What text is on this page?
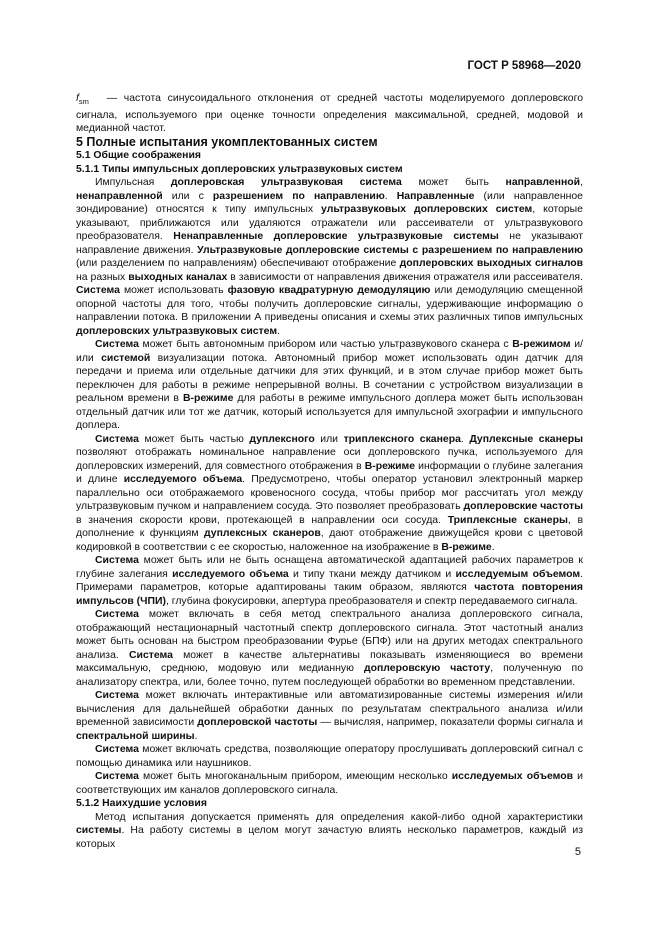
ГОСТ Р 58968—2020

$f_{sm}$ — частота синусоидального отклонения от средней частоты моделируемого доплеровского сигнала, используемого при оценке точности определения максимальной, средней, модовой и медианной частот.

5 Полные испытания укомплектованных систем

5.1 Общие соображения

5.1.1 Типы импульсных доплеровских ультразвуковых систем

Импульсная доплеровская ультразвуковая система может быть направленной, ненаправленной или с разрешением по направлению. Направленные (или направленное зондирование) относятся к типу импульсных ультразвуковых доплеровских систем, которые указывают, приближаются или удаляются отражатели или рассеиватели от ультразвукового преобразователя. Ненаправленные доплеровские ультразвуковые системы не указывают направление движения. Ультразвуковые доплеровские системы с разрешением по направлению (или разделением по направлениям) обеспечивают отображение доплеровских выходных сигналов на разных выходных каналах в зависимости от направления движения отражателя или рассеивателя. Система может использовать фазовую квадратурную демодуляцию или демодуляцию смещенной опорной частоты для того, чтобы получить доплеровские сигналы, удерживающие информацию о направлении потока. В приложении А приведены описания и схемы этих различных типов импульсных доплеровских ультразвуковых систем.

Система может быть автономным прибором или частью ультразвукового сканера с В-режимом и/или системой визуализации потока. Автономный прибор может использовать один датчик для передачи и приема или отдельные датчики для этих функций, и в этом случае прибор может быть переключен для работы в режиме непрерывной волны. В сочетании с устройством визуализации в реальном времени в В-режиме для работы в режиме импульсного доплера может быть использован отдельный датчик или тот же датчик, который используется для импульсной эхографии и импульсного доплера.

Система может быть частью дуплексного или триплексного сканера. Дуплексные сканеры позволяют отображать номинальное направление оси доплеровского пучка, используемого для доплеровских измерений, для совместного отображения в В-режиме информации о глубине залегания и длине исследуемого объема. Предусмотрено, чтобы оператор установил электронный маркер параллельно оси отображаемого кровеносного сосуда, чтобы прибор мог рассчитать угол между ультразвуковым пучком и направлением сосуда. Это позволяет преобразовать доплеровские частоты в значения скорости крови, протекающей в направлении оси сосуда. Триплексные сканеры, в дополнение к функциям дуплексных сканеров, дают отображение движущейся крови с цветовой кодировкой в соответствии с ее скоростью, наложенное на изображение в В-режиме.

Система может быть или не быть оснащена автоматической адаптацией рабочих параметров к глубине залегания исследуемого объема и типу ткани между датчиком и исследуемым объемом. Примерами параметров, которые адаптированы таким образом, являются частота повторения импульсов (ЧПИ), глубина фокусировки, апертура преобразователя и спектр передаваемого сигнала.

Система может включать в себя метод спектрального анализа доплеровского сигнала, отображающий нестационарный частотный спектр доплеровского сигнала. Этот частотный анализ может быть основан на быстром преобразовании Фурье (БПФ) или на других методах спектрального анализа. Система может в качестве альтернативы показывать изменяющиеся во времени максимальную, среднюю, модовую или медианную доплеровскую частоту, полученную по анализатору спектра, или, более точно, путем последующей обработки во временном представлении.

Система может включать интерактивные или автоматизированные системы измерения и/или вычисления для дальнейшей обработки данных по результатам спектрального анализа и/или временной зависимости доплеровской частоты — вычисляя, например, показатели формы сигнала и спектральной ширины.

Система может включать средства, позволяющие оператору прослушивать доплеровский сигнал с помощью динамика или наушников.

Система может быть многоканальным прибором, имеющим несколько исследуемых объемов и соответствующих им каналов доплеровского сигнала.

5.1.2 Наихудшие условия

Метод испытания допускается применять для определения какой-либо одной характеристики системы. На работу системы в целом могут зачастую влиять несколько параметров, каждый из которых

5
